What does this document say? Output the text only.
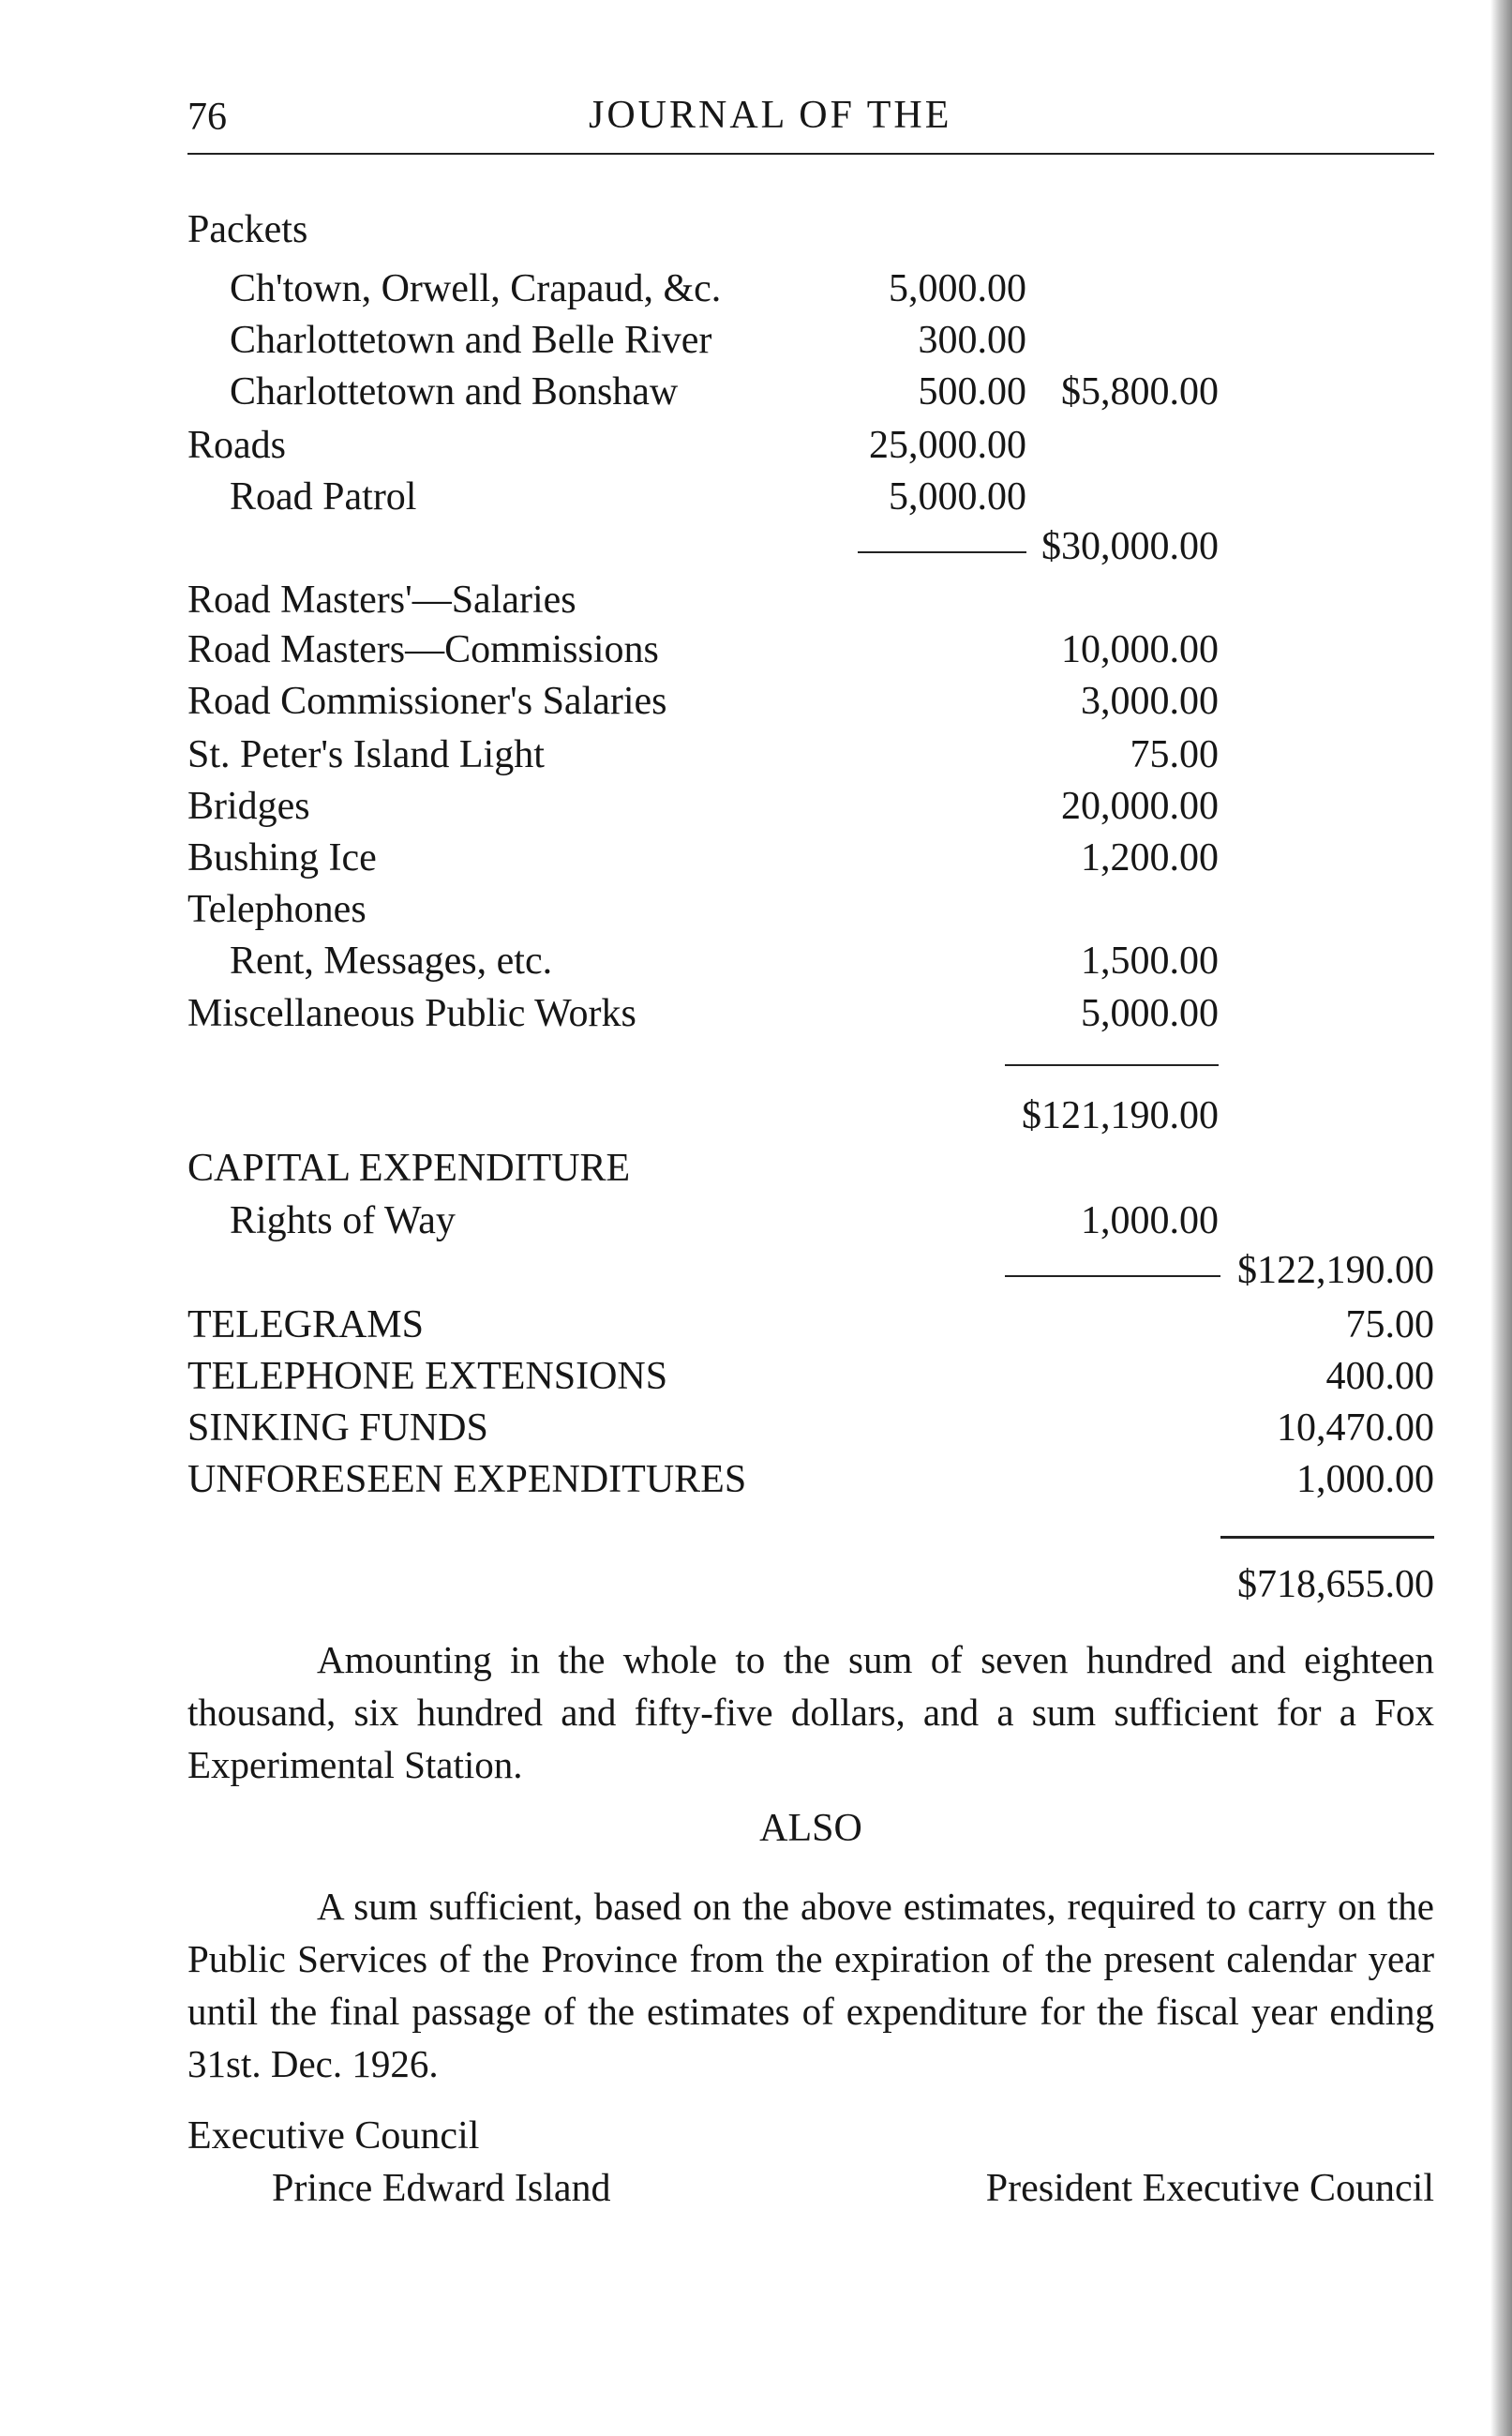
76	JOURNAL OF THE
Packets
Ch'town, Orwell, Crapaud, &c.	5,000.00
Charlottetown and Belle River	300.00
Charlottetown and Bonshaw	500.00 $5,800.00
Roads	25,000.00
Road Patrol	5,000.00
$30,000.00
Road Masters'—Salaries
Road Masters—Commissions	10,000.00
Road Commissioner's Salaries	3,000.00
St. Peter's Island Light	75.00
Bridges	20,000.00
Bushing Ice	1,200.00
Telephones
Rent, Messages, etc.	1,500.00
Miscellaneous Public Works	5,000.00
$121,190.00
CAPITAL EXPENDITURE
Rights of Way	1,000.00
$122,190.00
TELEGRAMS	75.00
TELEPHONE EXTENSIONS	400.00
SINKING FUNDS	10,470.00
UNFORESEEN EXPENDITURES	1,000.00
$718,655.00
Amounting in the whole to the sum of seven hundred and eighteen thousand, six hundred and fifty-five dollars, and a sum sufficient for a Fox Experimental Station.
ALSO
A sum sufficient, based on the above estimates, required to carry on the Public Services of the Province from the expiration of the present calendar year until the final passage of the estimates of expenditure for the fiscal year ending 31st. Dec. 1926.
Executive Council
Prince Edward Island	President Executive Council
